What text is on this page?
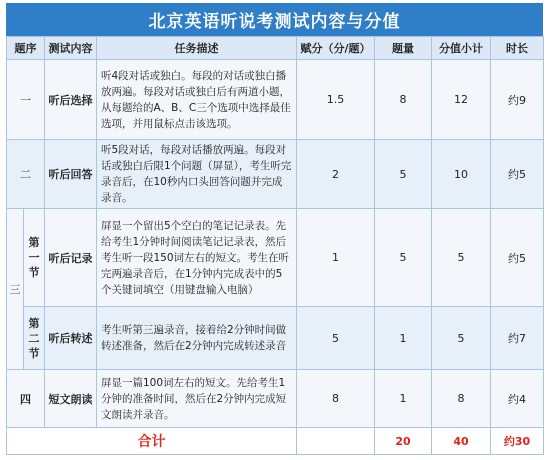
北京英语听说考测试内容与分值
题序		测试内容	任务描述	赋分（分/题）	题量	分值小计	时长
一		听后选择	听4段对话或独白。每段的对话或独白播放两遍。每段对话或独白后有两道小题，从每题给的A、B、C三个选项中选择最佳选项，并用鼠标点击该选项。	1.5	8	12	约9
二		听后回答	听5段对话，每段对话播放两遍。每段对话或独白后限1个问题（屏显），考生听完录音后，在10秒内口头回答问题并完成录音。	2	5	10	约5
三	第一节	听后记录	屏显一个留出5个空白的笔记记录表。先给考生1分钟时间阅读笔记记录表，然后考生听一段150词左右的短文。考生在听完两遍录音后，在1分钟内完成表中的5个关键词填空（用键盘输入电脑）	1	5	5	约5
	第二节	听后转述	考生听第三遍录音，接着给2分钟时间做转述准备，然后在2分钟内完成转述录音	5	1	5	约7
四		短文朗读	屏显一篇100词左右的短文。先给考生1分钟的准备时间，然后在2分钟内完成短文朗读并录音。	8	1	8	约4
合计					20	40	约30
